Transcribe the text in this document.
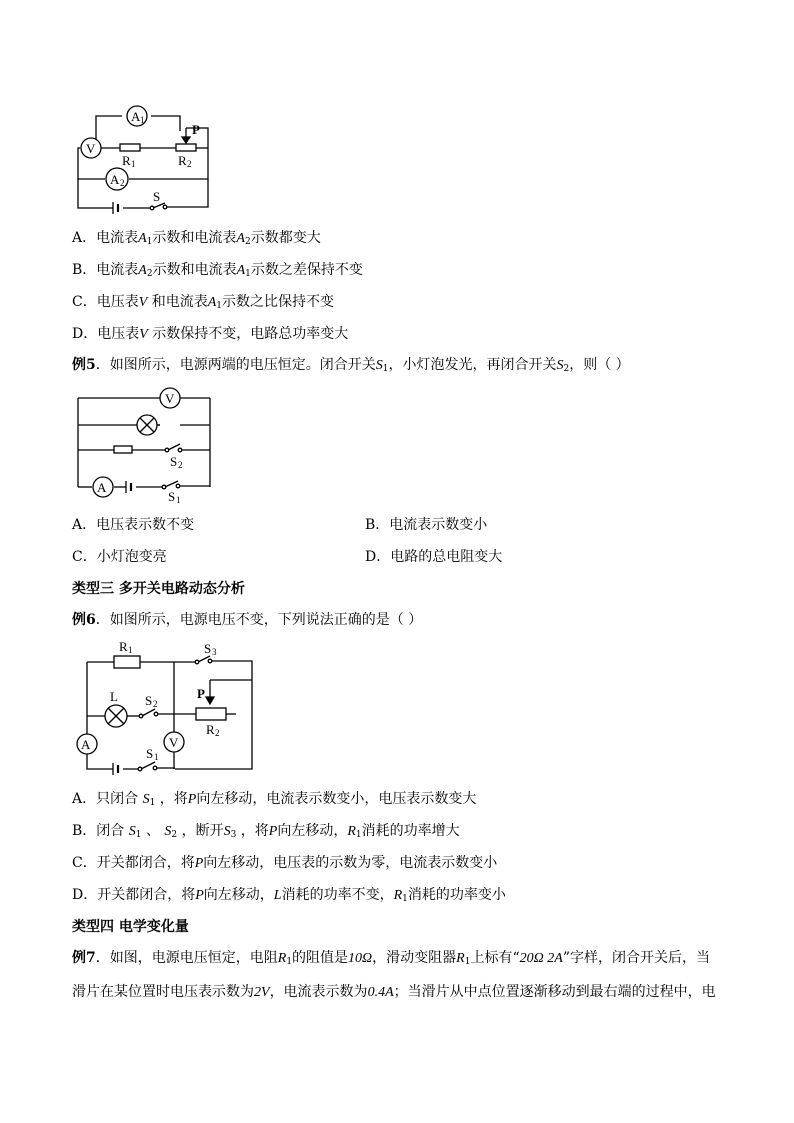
A 1
V
R 1
P
R 2
A 2
S
A．电流表$A_1$示数和电流表$A_2$示数都变大
B．电流表$A_2$示数和电流表$A_1$示数之差保持不变
C．电压表V 和电流表$A_1$示数之比保持不变
D．电压表V 示数保持不变，电路总功率变大
例5．如图所示，电源两端的电压恒定。闭合开关$S_1$，小灯泡发光，再闭合开关$S_2$，则（ ）
V
S 2
A
S 1
A．电压表示数不变	B．电流表示数变小
C．小灯泡变亮	D．电路的总电阻变大
类型三 多开关电路动态分析
例6．如图所示，电源电压不变，下列说法正确的是（ ）
R 1	S 3
L S 2
P
R 2
A	V
S 1
A．只闭合 $S_1$ ，将P向左移动，电流表示数变小，电压表示数变大
B．闭合 $S_1$ 、 $S_2$ ，断开$S_3$ ，将P向左移动，$R_1$消耗的功率增大
C．开关都闭合，将P向左移动，电压表的示数为零，电流表示数变小
D．开关都闭合，将P向左移动，L消耗的功率不变，$R_1$消耗的功率变小
类型四 电学变化量
例7．如图，电源电压恒定，电阻$R_1$的阻值是10Ω，滑动变阻器$R_1$上标有“20Ω 2A”字样，闭合开关后，当
滑片在某位置时电压表示数为2V，电流表示数为0.4A；当滑片从中点位置逐渐移动到最右端的过程中，电
